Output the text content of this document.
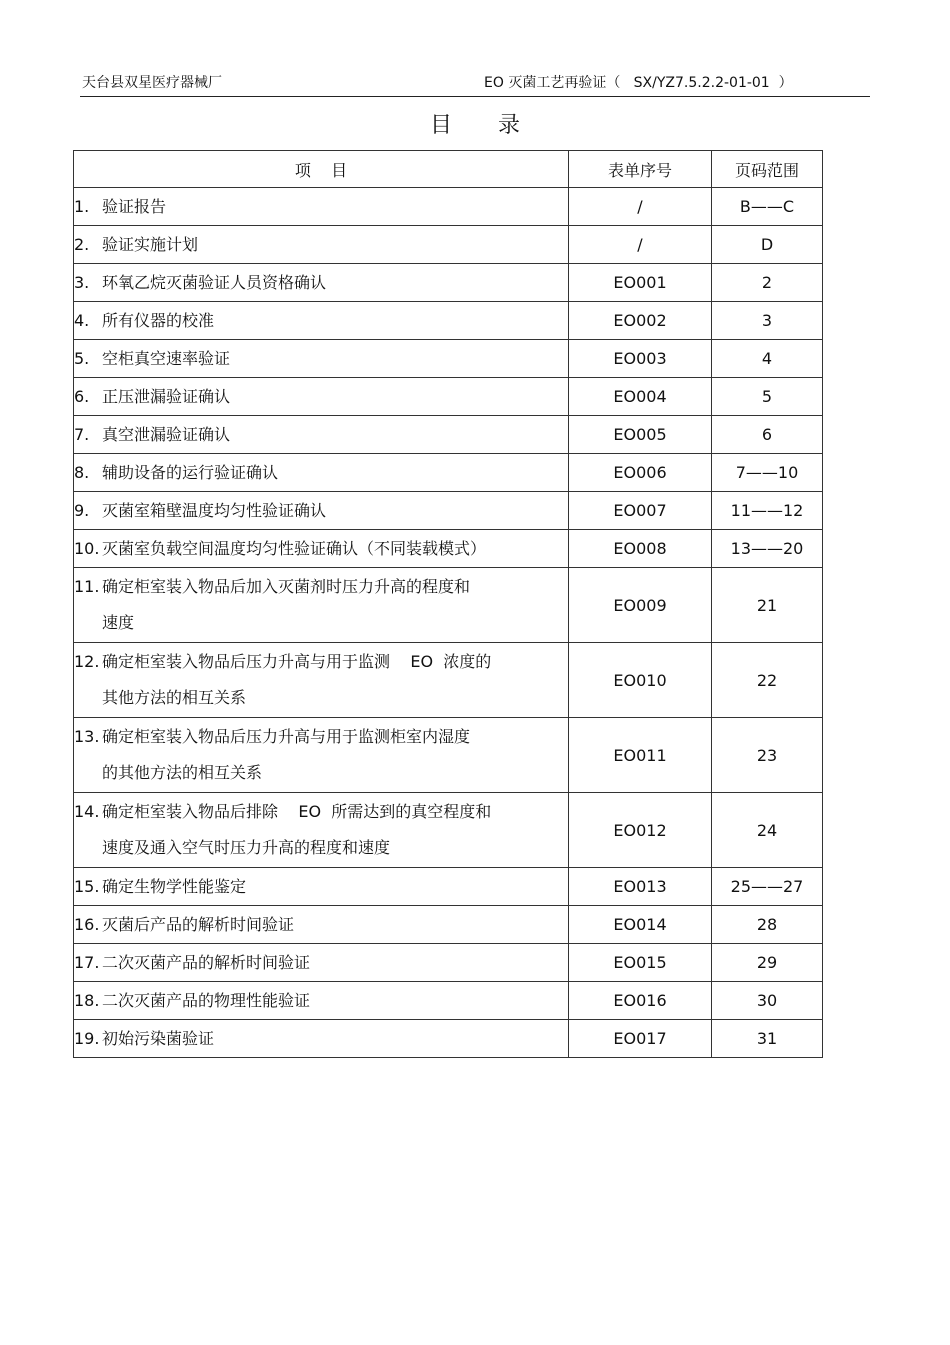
天台县双星医疗器械厂	EO 灭菌工艺再验证（   SX/YZ7.5.2.2-01-01  ）
目录
项    目	表单序号	页码范围

1. 验证报告	/	B——C

2. 验证实施计划	/	D

3. 环氧乙烷灭菌验证人员资格确认	EO001	2

4. 所有仪器的校准	EO002	3

5. 空柜真空速率验证	EO003	4

6. 正压泄漏验证确认	EO004	5

7. 真空泄漏验证确认	EO005	6

8. 辅助设备的运行验证确认	EO006	7——10

9. 灭菌室箱壁温度均匀性验证确认	EO007	11——12

10. 灭菌室负载空间温度均匀性验证确认（不同装载模式）	EO008	13——20

11. 确定柜室装入物品后加入灭菌剂时压力升高的程度和
速度	EO009	21

12. 确定柜室装入物品后压力升高与用于监测    EO  浓度的
其他方法的相互关系	EO010	22

13. 确定柜室装入物品后压力升高与用于监测柜室内湿度
的其他方法的相互关系	EO011	23

14. 确定柜室装入物品后排除    EO  所需达到的真空程度和
速度及通入空气时压力升高的程度和速度	EO012	24

15. 确定生物学性能鉴定	EO013	25——27

16. 灭菌后产品的解析时间验证	EO014	28

17. 二次灭菌产品的解析时间验证	EO015	29

18. 二次灭菌产品的物理性能验证	EO016	30

19. 初始污染菌验证	EO017	31
